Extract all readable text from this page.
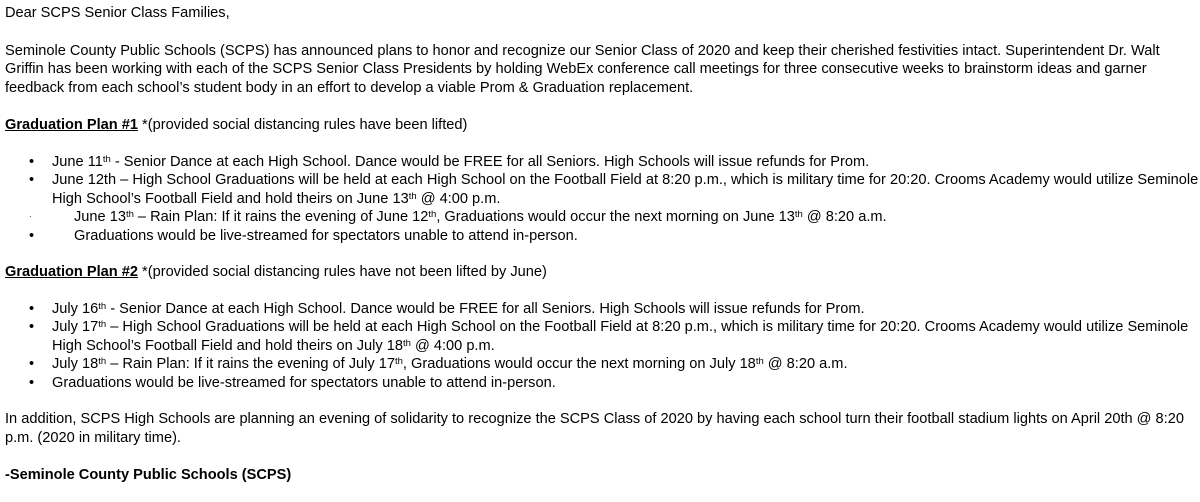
Dear SCPS Senior Class Families,

Seminole County Public Schools (SCPS) has announced plans to honor and recognize our Senior Class of 2020 and keep their cherished festivities intact. Superintendent Dr. Walt Griffin has been working with each of the SCPS Senior Class Presidents by holding WebEx conference call meetings for three consecutive weeks to brainstorm ideas and garner feedback from each school’s student body in an effort to develop a viable Prom & Graduation replacement.

Graduation Plan #1 *(provided social distancing rules have been lifted)

•	June 11th - Senior Dance at each High School. Dance would be FREE for all Seniors. High Schools will issue refunds for Prom.
•	June 12th – High School Graduations will be held at each High School on the Football Field at 8:20 p.m., which is military time for 20:20. Crooms Academy would utilize Seminole High School’s Football Field and hold theirs on June 13th @ 4:00 p.m.
·	June 13th – Rain Plan: If it rains the evening of June 12th, Graduations would occur the next morning on June 13th @ 8:20 a.m.
•	Graduations would be live-streamed for spectators unable to attend in-person.

Graduation Plan #2 *(provided social distancing rules have not been lifted by June)

•	July 16th - Senior Dance at each High School. Dance would be FREE for all Seniors. High Schools will issue refunds for Prom.
•	July 17th – High School Graduations will be held at each High School on the Football Field at 8:20 p.m., which is military time for 20:20. Crooms Academy would utilize Seminole High School’s Football Field and hold theirs on July 18th @ 4:00 p.m.
•	July 18th – Rain Plan: If it rains the evening of July 17th, Graduations would occur the next morning on July 18th @ 8:20 a.m.
•	Graduations would be live-streamed for spectators unable to attend in-person.

In addition, SCPS High Schools are planning an evening of solidarity to recognize the SCPS Class of 2020 by having each school turn their football stadium lights on April 20th @ 8:20 p.m. (2020 in military time).

-Seminole County Public Schools (SCPS)
